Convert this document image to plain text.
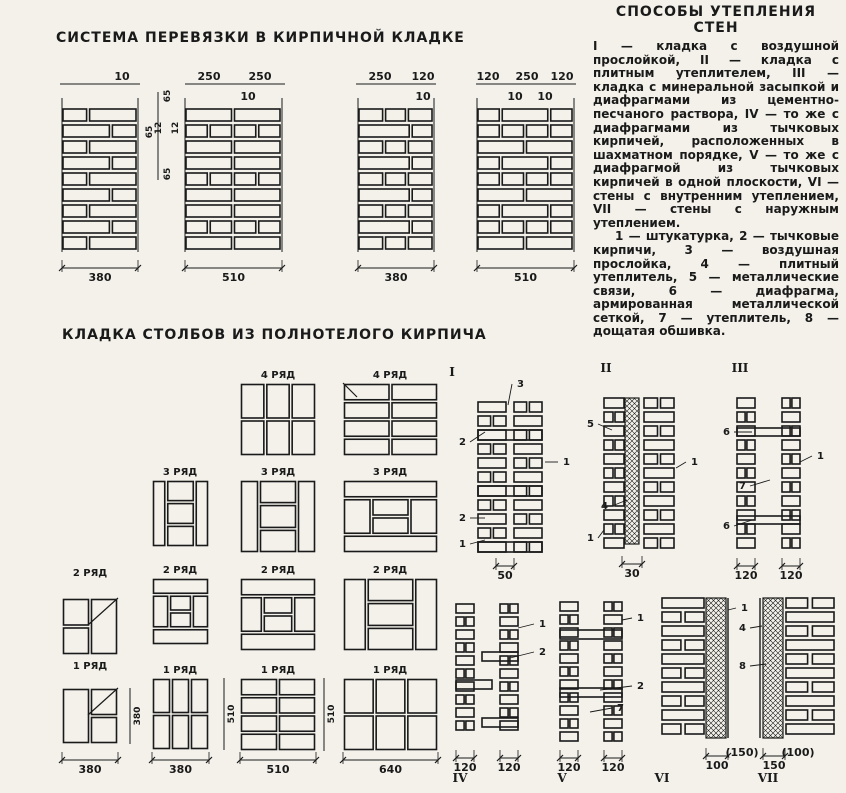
СИСТЕМА ПЕРЕВЯЗКИ В КИРПИЧНОЙ КЛАДКЕ
КЛАДКА СТОЛБОВ ИЗ ПОЛНОТЕЛОГО КИРПИЧА
СПОСОБЫ УТЕПЛЕНИЯ СТЕН

I — кладка с воздушной прослойкой, II — кладка с плитным утеплителем, III — кладка с минеральной засыпкой и диафрагмами из цементно-песчаного раствора, IV — то же с диафрагмами из тычковых кирпичей, расположенных в шахматном порядке, V — то же с диафрагмой из тычковых кирпичей в одной плоскости, VI — стены с внутренним утеплением, VII — стены с наружным утеплением.

1 — штукатурка, 2 — тычковые кирпичи, 3 — воздушная прослойка, 4 — плитный утеплитель, 5 — металлические связи, 6 — диафрагма, армированная металлической сеткой, 7 — утеплитель, 8 — дощатая обшивка.

380	510	380	510
10	250	250
10
250 120
10
120 250 120
10 10
65
65
12 12
65
4 РЯД	4 РЯД
3 РЯД	3 РЯД	3 РЯД
2 РЯД	2 РЯД	2 РЯД	2 РЯД
1 РЯД	1 РЯД	1 РЯД	1 РЯД
380	380	510	640
380	510	510
I
3
2
1
2
1
50
II
5
4
1
1
30
III
6
7
6
1
120 120
IV
1
2
120 120
V
1
2
7
120 120
VI
1
100
(150)
VII
4
8
150
(100)
